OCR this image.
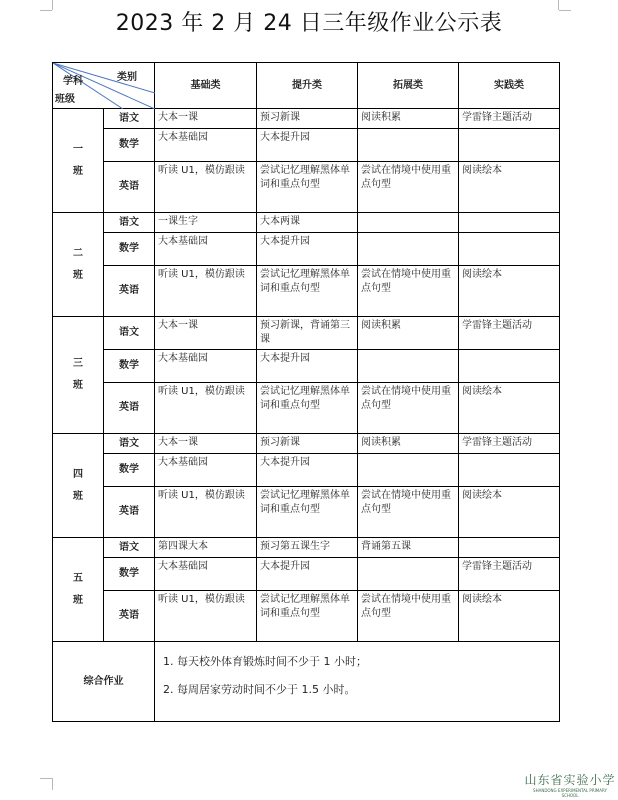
2023 年 2 月 24 日三年级作业公示表
类别
学科
班级		基础类	提升类	拓展类	实践类
一班	语文	大本一课	预习新课	阅读积累	学雷锋主题活动
	数学	大本基础园	大本提升园		
	英语	听读 U1，模仿跟读	尝试记忆理解黑体单词和重点句型	尝试在情境中使用重点句型	阅读绘本
二班	语文	一课生字	大本两课		
	数学	大本基础园	大本提升园		
	英语	听读 U1，模仿跟读	尝试记忆理解黑体单词和重点句型	尝试在情境中使用重点句型	阅读绘本
三班	语文	大本一课	预习新课，背诵第三课	阅读积累	学雷锋主题活动
	数学	大本基础园	大本提升园		
	英语	听读 U1，模仿跟读	尝试记忆理解黑体单词和重点句型	尝试在情境中使用重点句型	阅读绘本
四班	语文	大本一课	预习新课	阅读积累	学雷锋主题活动
	数学	大本基础园	大本提升园		
	英语	听读 U1，模仿跟读	尝试记忆理解黑体单词和重点句型	尝试在情境中使用重点句型	阅读绘本
五班	语文	第四课大本	预习第五课生字	背诵第五课	
	数学	大本基础园	大本提升园		学雷锋主题活动
	英语	听读 U1，模仿跟读	尝试记忆理解黑体单词和重点句型	尝试在情境中使用重点句型	阅读绘本
综合作业		1. 每天校外体育锻炼时间不少于 1 小时；
2. 每周居家劳动时间不少于 1.5 小时。			
山东省实验小学
SHANDONG EXPERIMENTAL PRIMARY SCHOOL
